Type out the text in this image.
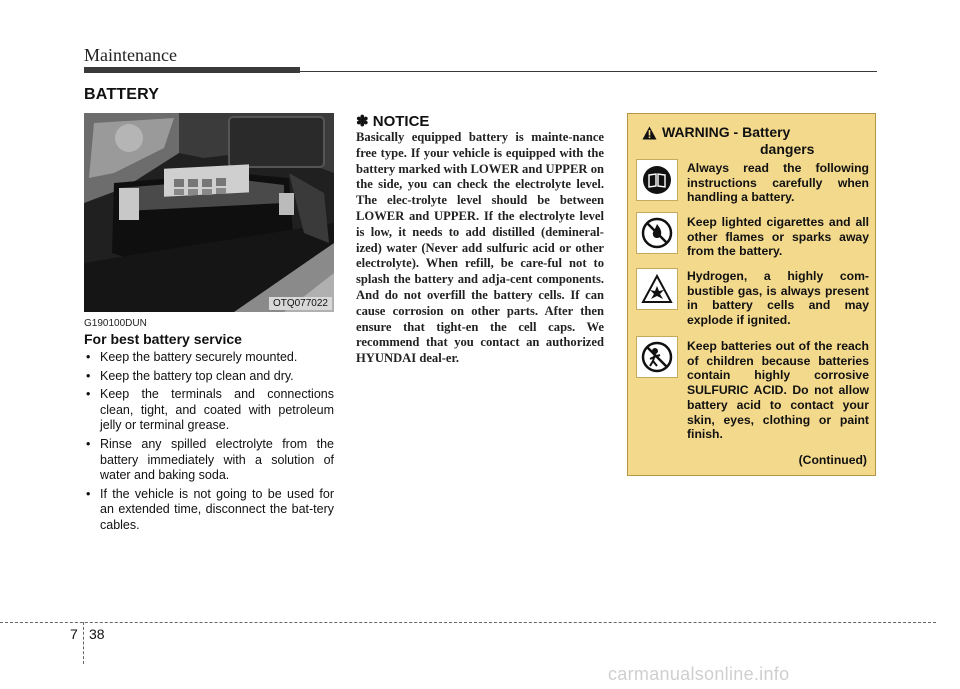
Maintenance
BATTERY
OTQ077022
G190100DUN
For best battery service
• Keep the battery securely mounted.
• Keep the battery top clean and dry.
• Keep the terminals and connections clean, tight, and coated with petroleum jelly or terminal grease.
• Rinse any spilled electrolyte from the battery immediately with a solution of water and baking soda.
• If the vehicle is not going to be used for an extended time, disconnect the bat-tery cables.
✽ NOTICE
Basically equipped battery is mainte-nance free type. If your vehicle is equipped with the battery marked with LOWER and UPPER on the side, you can check the electrolyte level. The elec-trolyte level should be between LOWER and UPPER. If the electrolyte level is low, it needs to add distilled (demineral-ized) water (Never add sulfuric acid or other electrolyte). When refill, be care-ful not to splash the battery and adja-cent components. And do not overfill the battery cells. If can cause corrosion on other parts. After then ensure that tight-en the cell caps. We recommend that you contact an authorized HYUNDAI deal-er.
WARNING - Battery
dangers
Always read the following instructions carefully when handling a battery.
Keep lighted cigarettes and all other flames or sparks away from the battery.
Hydrogen, a highly com-bustible gas, is always present in battery cells and may explode if ignited.
Keep batteries out of the reach of children because batteries contain highly corrosive SULFURIC ACID. Do not allow battery acid to contact your skin, eyes, clothing or paint finish.
(Continued)
7 38
carmanualsonline.info
